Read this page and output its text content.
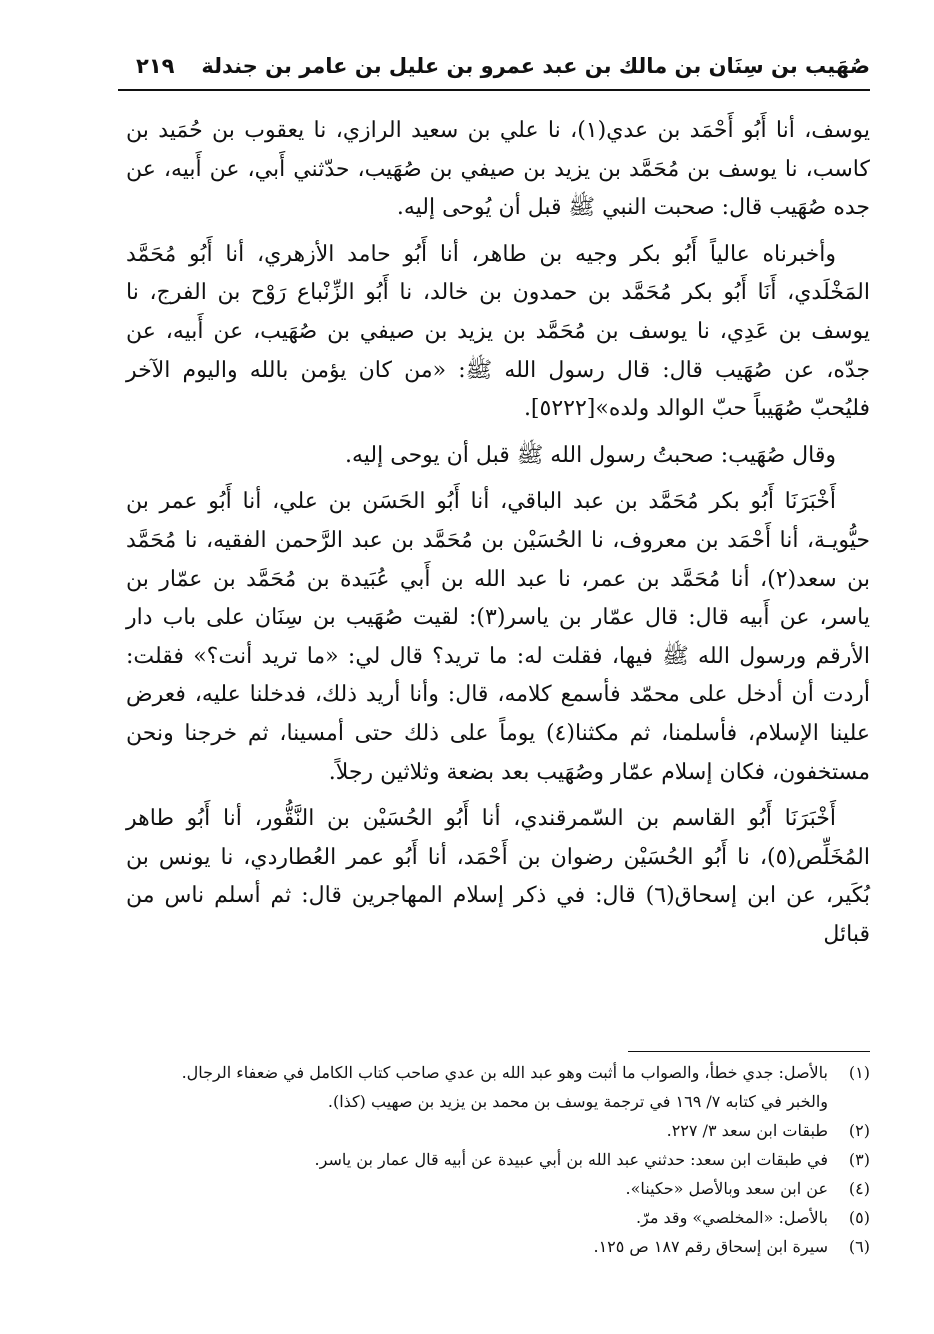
صُهَيب بن سِنَان بن مالك بن عبد عمرو بن عليل بن عامر بن جندلة
٢١٩

يوسف، أنا أَبُو أَحْمَد بن عدي(١)، نا علي بن سعيد الرازي، نا يعقوب بن حُمَيد بن كاسب، نا يوسف بن مُحَمَّد بن يزيد بن صيفي بن صُهَيب، حدّثني أَبي، عن أَبيه، عن جده صُهَيب قال: صحبت النبي ﷺ قبل أن يُوحى إليه.

وأخبرناه عالياً أَبُو بكر وجيه بن طاهر، أنا أَبُو حامد الأزهري، أنا أَبُو مُحَمَّد المَخْلَدي، أَنَا أَبُو بكر مُحَمَّد بن حمدون بن خالد، نا أَبُو الزِّنْباع رَوْح بن الفرج، نا يوسف بن عَدِي، نا يوسف بن مُحَمَّد بن يزيد بن صيفي بن صُهَيب، عن أَبيه، عن جدّه، عن صُهَيب قال: قال رسول الله ﷺ: «من كان يؤمن بالله واليوم الآخر فليُحبّ صُهَيباً حبّ الوالد ولده»[٥٢٢٢].

وقال صُهَيب: صحبتُ رسول الله ﷺ قبل أن يوحى إليه.

أَخْبَرَنَا أَبُو بكر مُحَمَّد بن عبد الباقي، أنا أَبُو الحَسَن بن علي، أنا أَبُو عمر بن حيُّويـة، أنا أَحْمَد بن معروف، نا الحُسَيْن بن مُحَمَّد بن عبد الرَّحمن الفقيه، نا مُحَمَّد بن سعد(٢)، أنا مُحَمَّد بن عمر، نا عبد الله بن أَبي عُبَيدة بن مُحَمَّد بن عمّار بن ياسر، عن أَبيه قال: قال عمّار بن ياسر(٣): لقيت صُهَيب بن سِنَان على باب دار الأرقم ورسول الله ﷺ فيها، فقلت له: ما تريد؟ قال لي: «ما تريد أنت؟» فقلت: أردت أن أدخل على محمّد فأسمع كلامه، قال: وأنا أريد ذلك، فدخلنا عليه، فعرض علينا الإسلام، فأسلمنا، ثم مكثنا(٤) يوماً على ذلك حتى أمسينا، ثم خرجنا ونحن مستخفون، فكان إسلام عمّار وصُهَيب بعد بضعة وثلاثين رجلاً.

أَخْبَرَنَا أَبُو القاسم بن السّمرقندي، أنا أَبُو الحُسَيْن بن النَّقُّور، أنا أَبُو طاهر المُخَلِّص(٥)، نا أَبُو الحُسَيْن رضوان بن أَحْمَد، أنا أَبُو عمر العُطاردي، نا يونس بن بُكَير، عن ابن إسحاق(٦) قال: في ذكر إسلام المهاجرين قال: ثم أسلم ناس من قبائل

(١)
بالأصل: جدي خطأ، والصواب ما أثبت وهو عبد الله بن عدي صاحب كتاب الكامل في ضعفاء الرجال.
والخبر في كتابه ٧/ ١٦٩ في ترجمة يوسف بن محمد بن يزيد بن صهيب (كذا).
(٢)
طبقات ابن سعد ٣/ ٢٢٧.
(٣)
في طبقات ابن سعد: حدثني عبد الله بن أبي عبيدة عن أبيه قال عمار بن ياسر.
(٤)
عن ابن سعد وبالأصل «حكينا».
(٥)
بالأصل: «المخلصي» وقد مرّ.
(٦)
سيرة ابن إسحاق رقم ١٨٧ ص ١٢٥.
